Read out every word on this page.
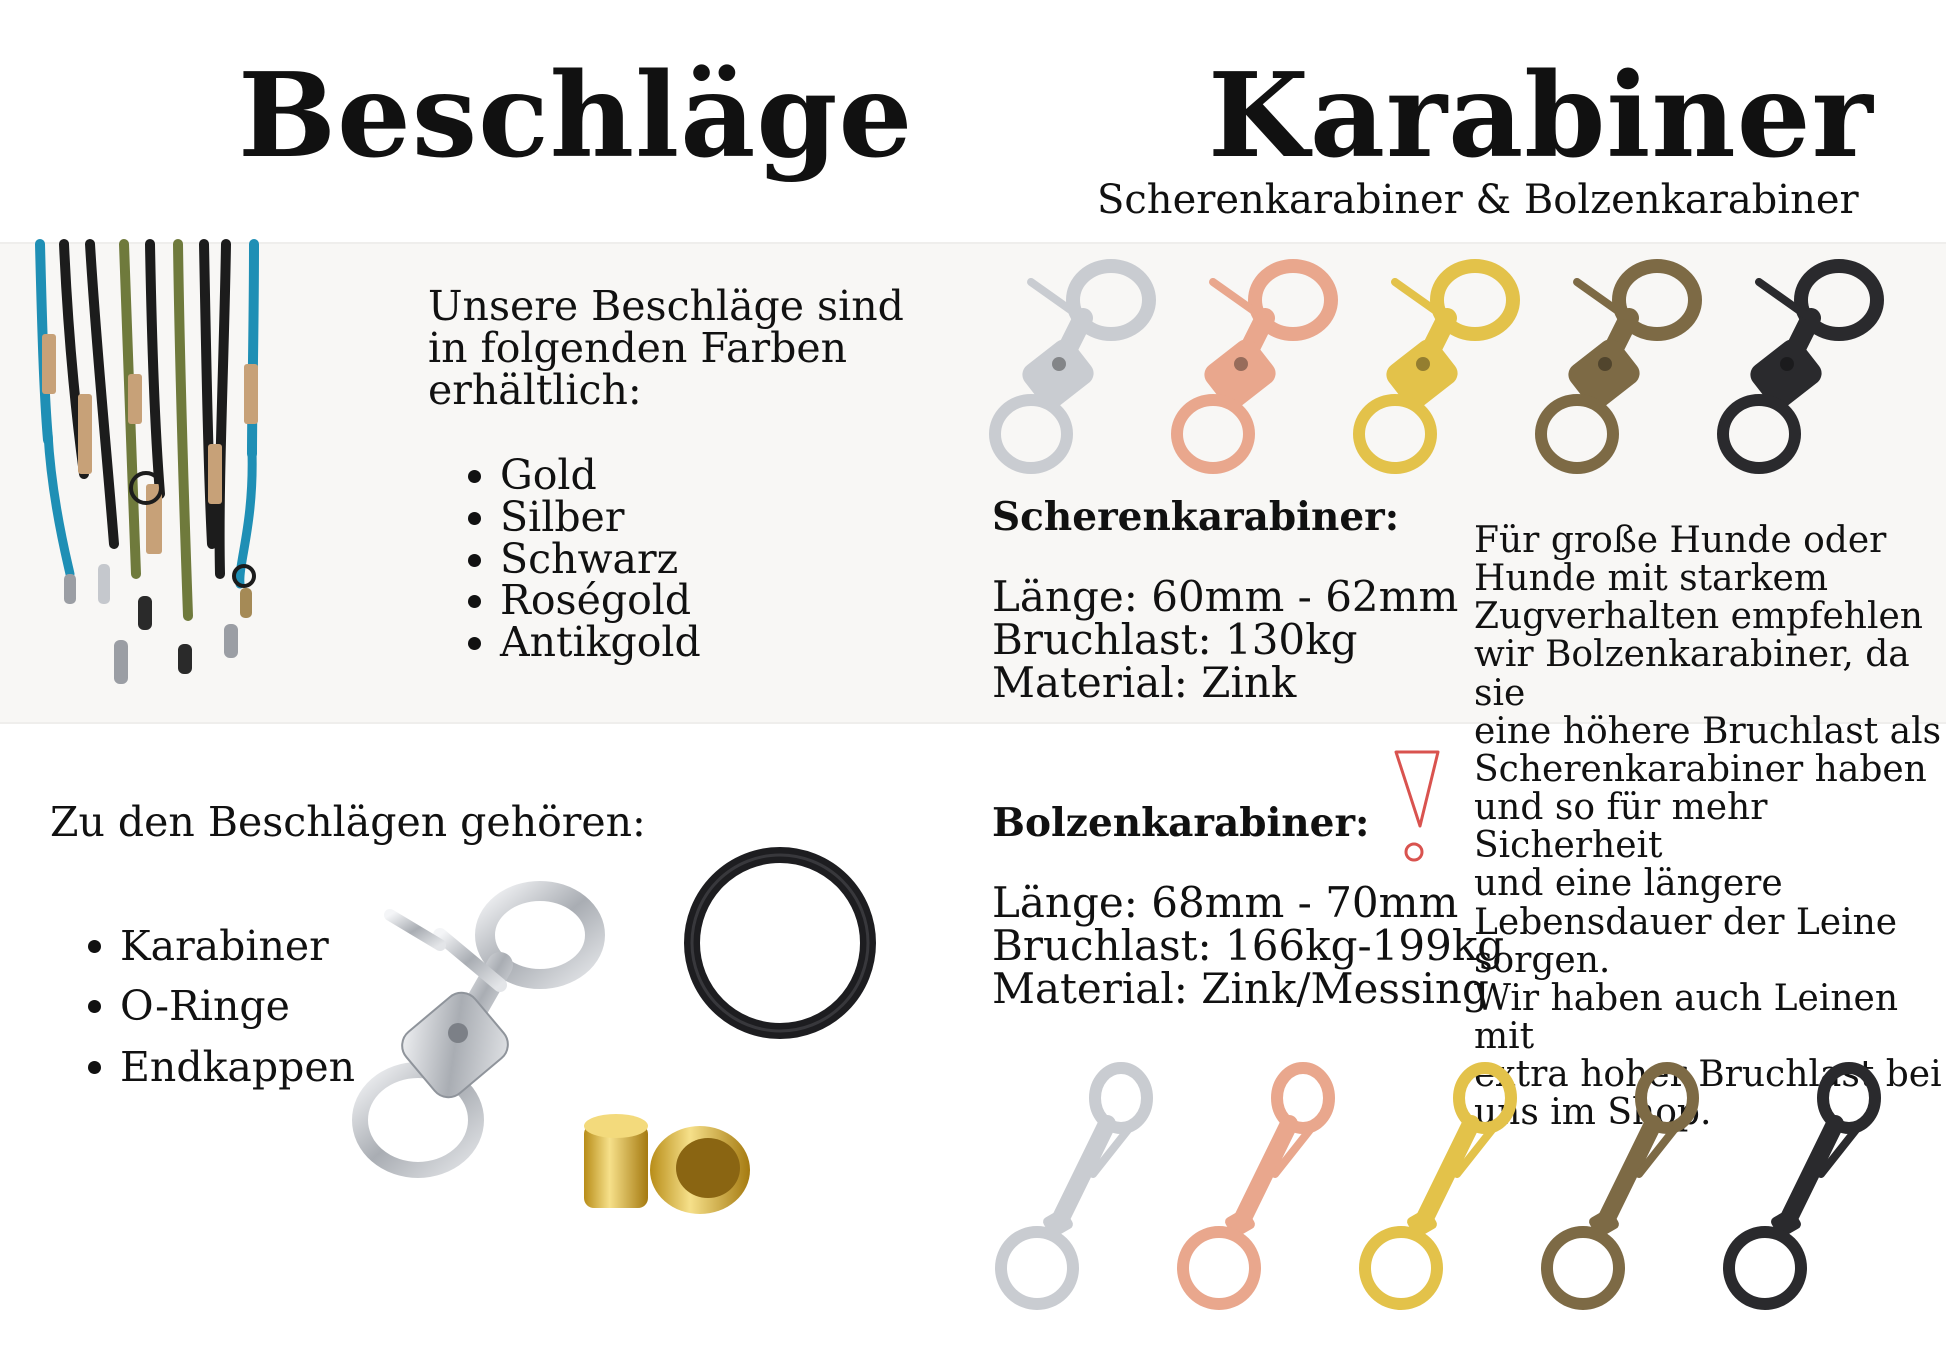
Beschläge
Unsere Beschläge sind
in folgenden Farben
erhältlich:
Gold
Silber
Schwarz
Roségold
Antikgold
Zu den Beschlägen gehören:
Karabiner
O-Ringe
Endkappen
Karabiner
Scherenkarabiner & Bolzenkarabiner
Scherenkarabiner:
Länge: 60mm - 62mm
Bruchlast: 130kg
Material: Zink
Bolzenkarabiner:
Länge: 68mm - 70mm
Bruchlast: 166kg-199kg
Material: Zink/Messing
Für große Hunde oder
Hunde mit starkem
Zugverhalten empfehlen
wir Bolzenkarabiner, da sie
eine höhere Bruchlast als
Scherenkarabiner haben
und so für mehr Sicherheit
und eine längere
Lebensdauer der Leine
sorgen.
Wir haben auch Leinen mit
extra hoher Bruchlast bei
uns im Shop.
